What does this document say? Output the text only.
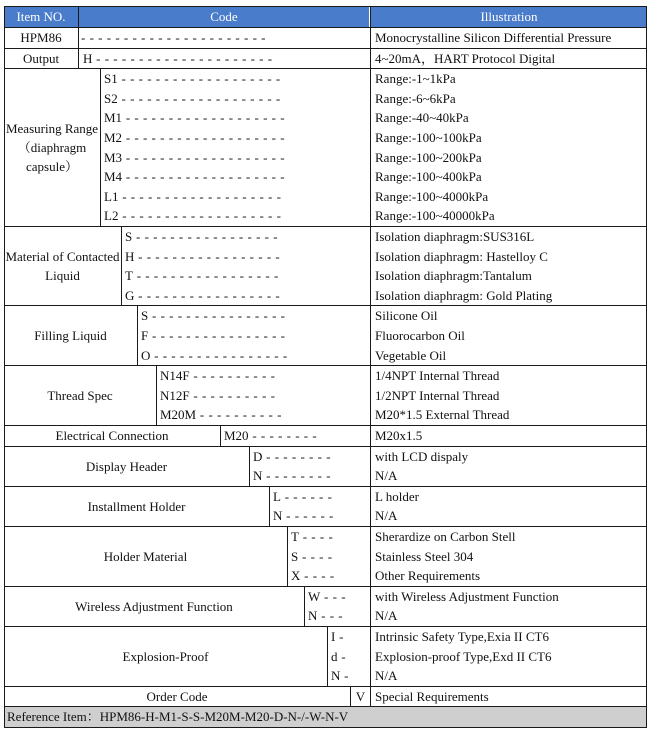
Item NO.	Code	Illustration
HPM86	- - - - - - - - - - - - - - - - - - - - - -	Monocrystalline Silicon Differential Pressure
Output	H - - - - - - - - - - - - - - - - - - - - -	4~20mA，HART Protocol Digital
Measuring Range （diaphragm capsule）
S1 - - - - - - - - - - - - - - - - - - -	Range:-1~1kPa
S2 - - - - - - - - - - - - - - - - - - -	Range:-6~6kPa
M1 - - - - - - - - - - - - - - - - - - -	Range:-40~40kPa
M2 - - - - - - - - - - - - - - - - - - -	Range:-100~100kPa
M3 - - - - - - - - - - - - - - - - - - -	Range:-100~200kPa
M4 - - - - - - - - - - - - - - - - - - -	Range:-100~400kPa
L1 - - - - - - - - - - - - - - - - - - -	Range:-100~4000kPa
L2 - - - - - - - - - - - - - - - - - - -	Range:-100~40000kPa
Material of Contacted Liquid
S - - - - - - - - - - - - - - - - -	Isolation diaphragm:SUS316L
H - - - - - - - - - - - - - - - - -	Isolation diaphragm: Hastelloy C
T - - - - - - - - - - - - - - - - -	Isolation diaphragm:Tantalum
G - - - - - - - - - - - - - - - - -	Isolation diaphragm: Gold Plating
Filling Liquid
S - - - - - - - - - - - - - - - -	Silicone Oil
F - - - - - - - - - - - - - - - -	Fluorocarbon Oil
O - - - - - - - - - - - - - - - -	Vegetable Oil
Thread Spec
N14F - - - - - - - - - -	1/4NPT Internal Thread
N12F - - - - - - - - - -	1/2NPT Internal Thread
M20M - - - - - - - - - -	M20*1.5 External Thread
Electrical Connection	M20 - - - - - - - -	M20x1.5
Display Header
D - - - - - - - -	with LCD dispaly
N - - - - - - - -	N/A
Installment Holder
L - - - - - -	L holder
N - - - - - -	N/A
Holder Material
T - - - -	Sherardize on Carbon Stell
S - - - -	Stainless Steel 304
X - - - -	Other Requirements
Wireless Adjustment Function
W - - -	with Wireless Adjustment Function
N - - -	N/A
Explosion-Proof
I -	Intrinsic Safety Type,Exia II CT6
d -	Explosion-proof Type,Exd II CT6
N -	N/A
Order Code	V Special Requirements
Reference Item：HPM86-H-M1-S-S-M20M-M20-D-N-/-W-N-V
